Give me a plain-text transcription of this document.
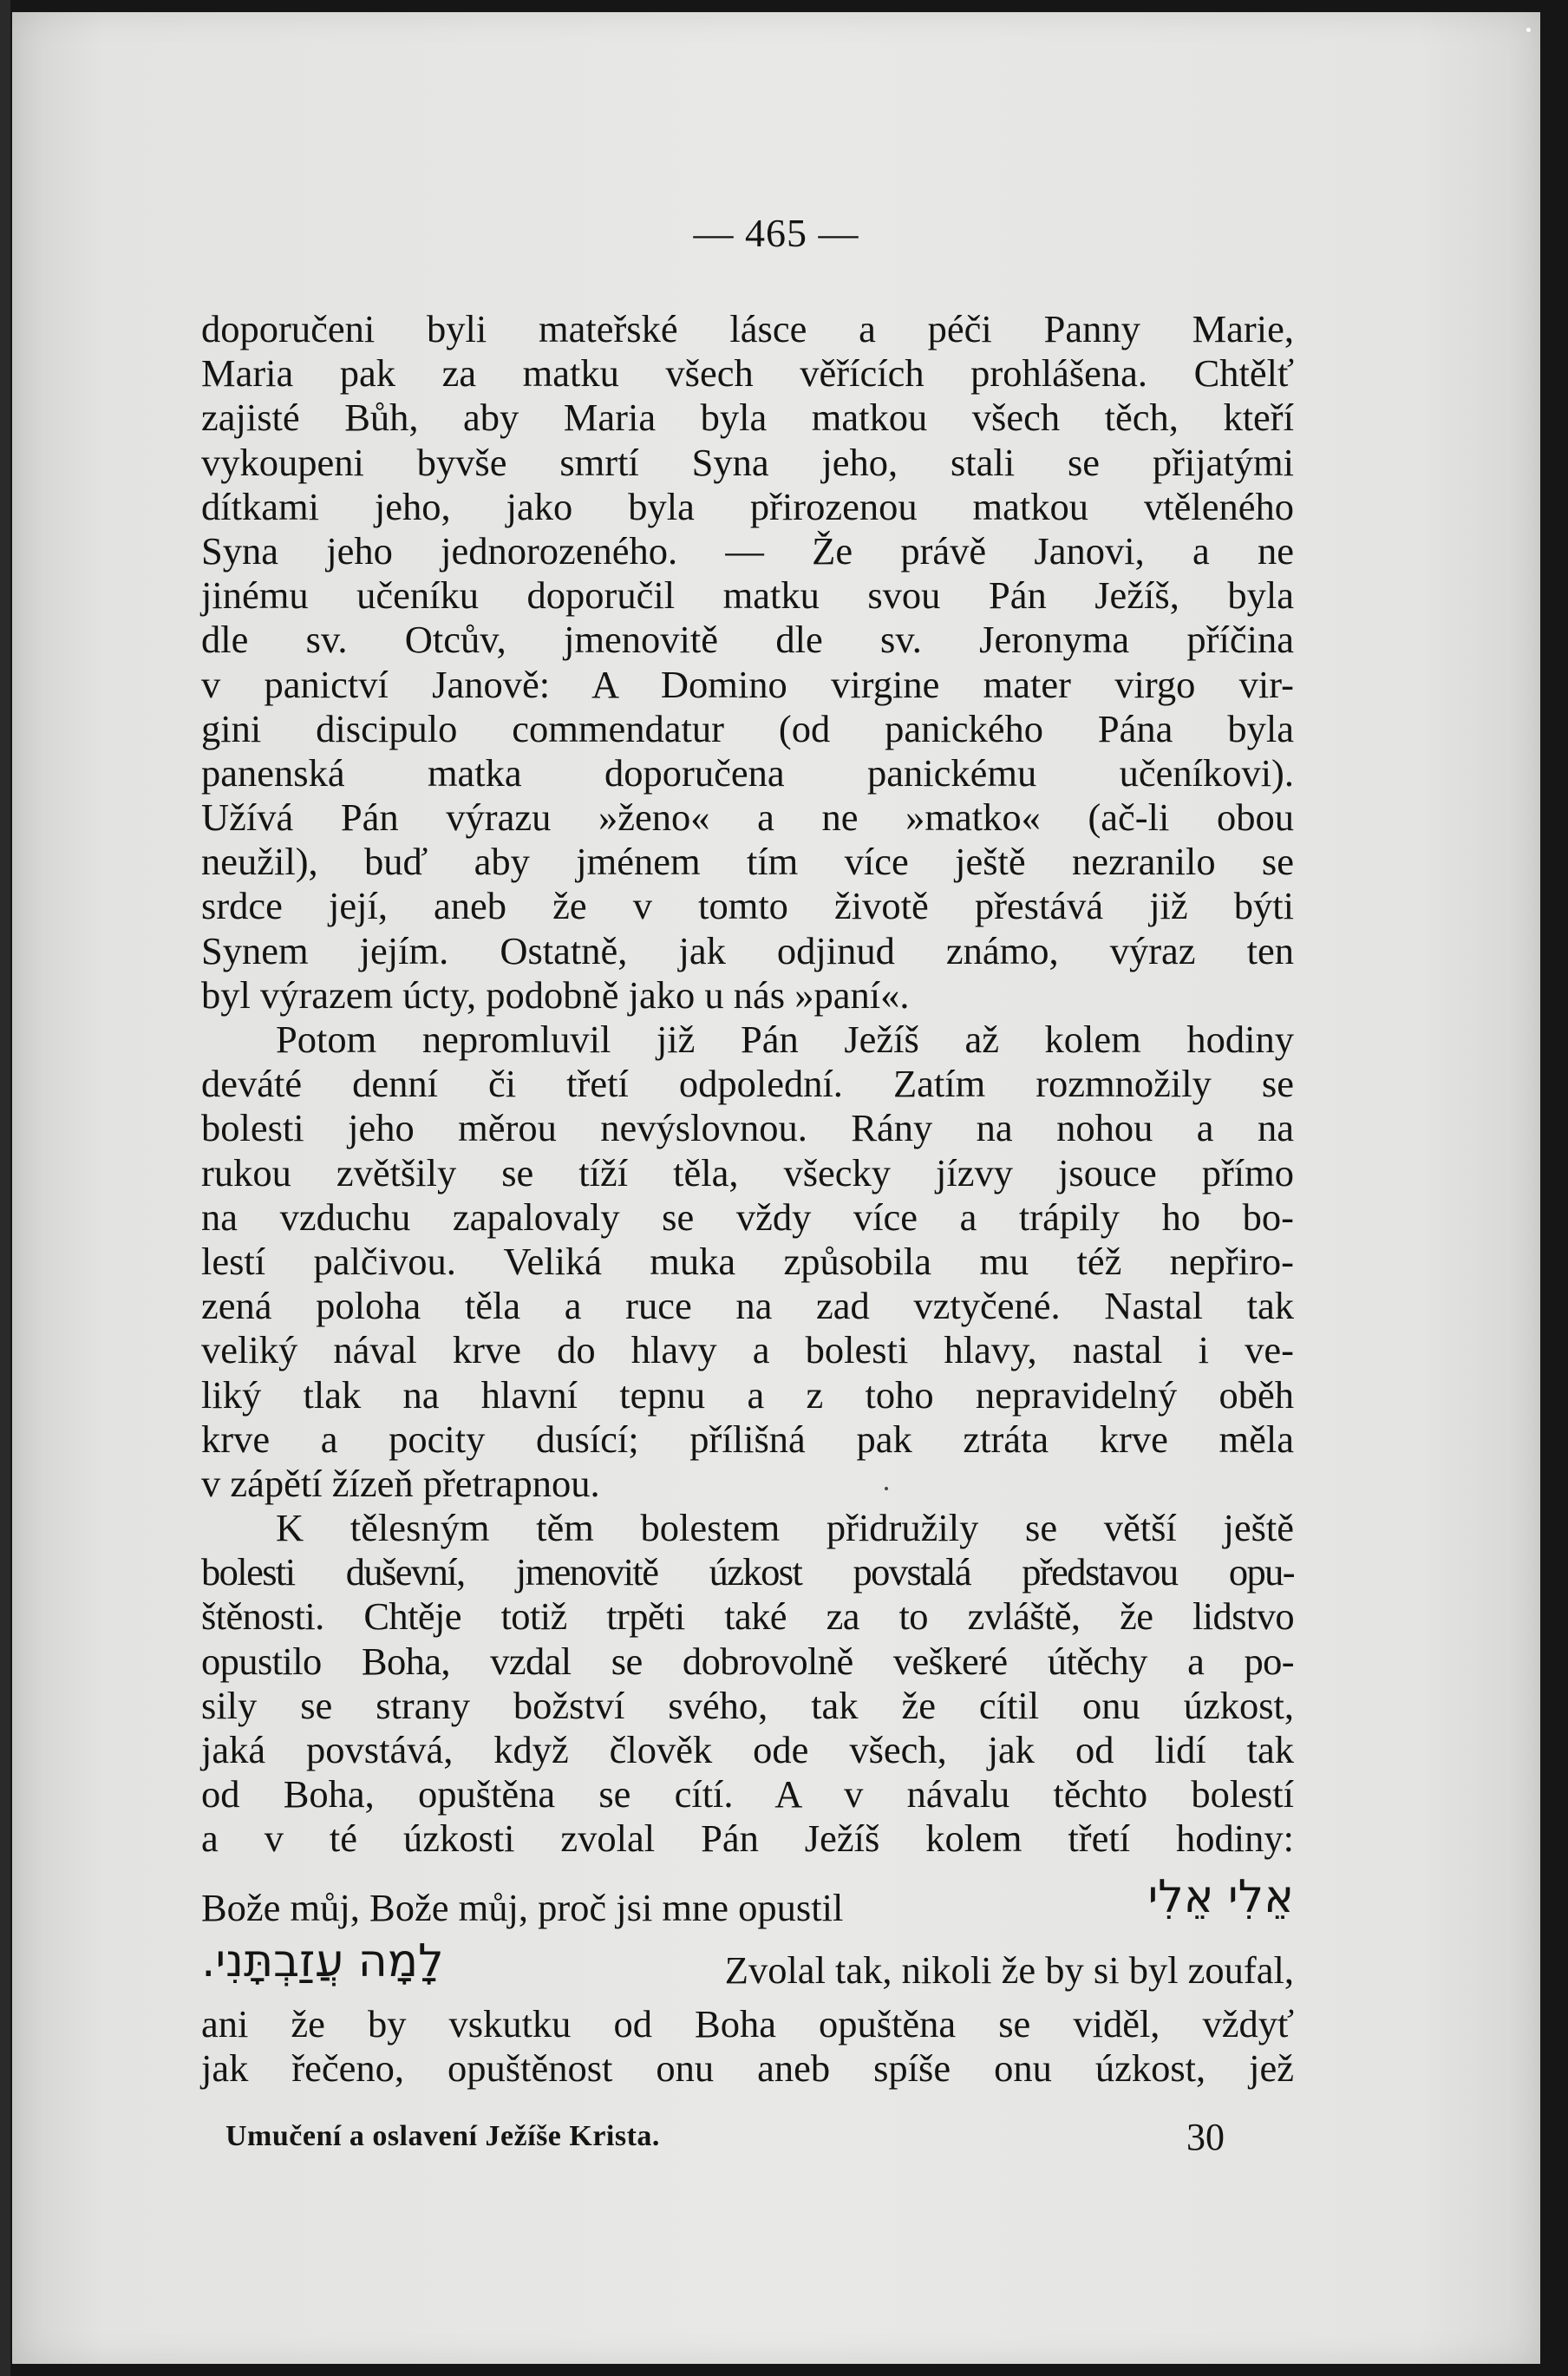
— 465 —
doporučeni byli mateřské lásce a péči Panny Marie,
Maria pak za matku všech věřících prohlášena. Chtělť
zajisté Bůh, aby Maria byla matkou všech těch, kteří
vykoupeni byvše smrtí Syna jeho, stali se přijatými
dítkami jeho, jako byla přirozenou matkou vtěleného
Syna jeho jednorozeného. — Že právě Janovi, a ne
jinému učeníku doporučil matku svou Pán Ježíš, byla
dle sv. Otcův, jmenovitě dle sv. Jeronyma příčina
v panictví Janově: A Domino virgine mater virgo vir-
gini discipulo commendatur (od panického Pána byla
panenská matka doporučena panickému učeníkovi).
Užívá Pán výrazu »ženo« a ne »matko« (ač-li obou
neužil), buď aby jménem tím více ještě nezranilo se
srdce její, aneb že v tomto životě přestává již býti
Synem jejím. Ostatně, jak odjinud známo, výraz ten
byl výrazem úcty, podobně jako u nás »paní«.
Potom nepromluvil již Pán Ježíš až kolem hodiny
deváté denní či třetí odpolední. Zatím rozmnožily se
bolesti jeho měrou nevýslovnou. Rány na nohou a na
rukou zvětšily se tíží těla, všecky jízvy jsouce přímo
na vzduchu zapalovaly se vždy více a trápily ho bo-
lestí palčivou. Veliká muka způsobila mu též nepřiro-
zená poloha těla a ruce na zad vztyčené. Nastal tak
veliký nával krve do hlavy a bolesti hlavy, nastal i ve-
liký tlak na hlavní tepnu a z toho nepravidelný oběh
krve a pocity dusící; přílišná pak ztráta krve měla
v zápětí žízeň přetrapnou.
K tělesným těm bolestem přidružily se větší ještě
bolesti duševní, jmenovitě úzkost povstalá představou opu-
štěnosti. Chtěje totiž trpěti také za to zvláště, že lidstvo
opustilo Boha, vzdal se dobrovolně veškeré útěchy a po-
sily se strany božství svého, tak že cítil onu úzkost,
jaká povstává, když člověk ode všech, jak od lidí tak
od Boha, opuštěna se cítí. A v návalu těchto bolestí
a v té úzkosti zvolal Pán Ježíš kolem třetí hodiny:
Bože můj, Bože můj, proč jsi mne opustil	אֵלִי אֵלִי
לָמָה עֲזַבְתָּנִי.	Zvolal tak, nikoli že by si byl zoufal,
ani že by vskutku od Boha opuštěna se viděl, vždyť
jak řečeno, opuštěnost onu aneb spíše onu úzkost, jež
Umučení a oslavení Ježíše Krista.	30
